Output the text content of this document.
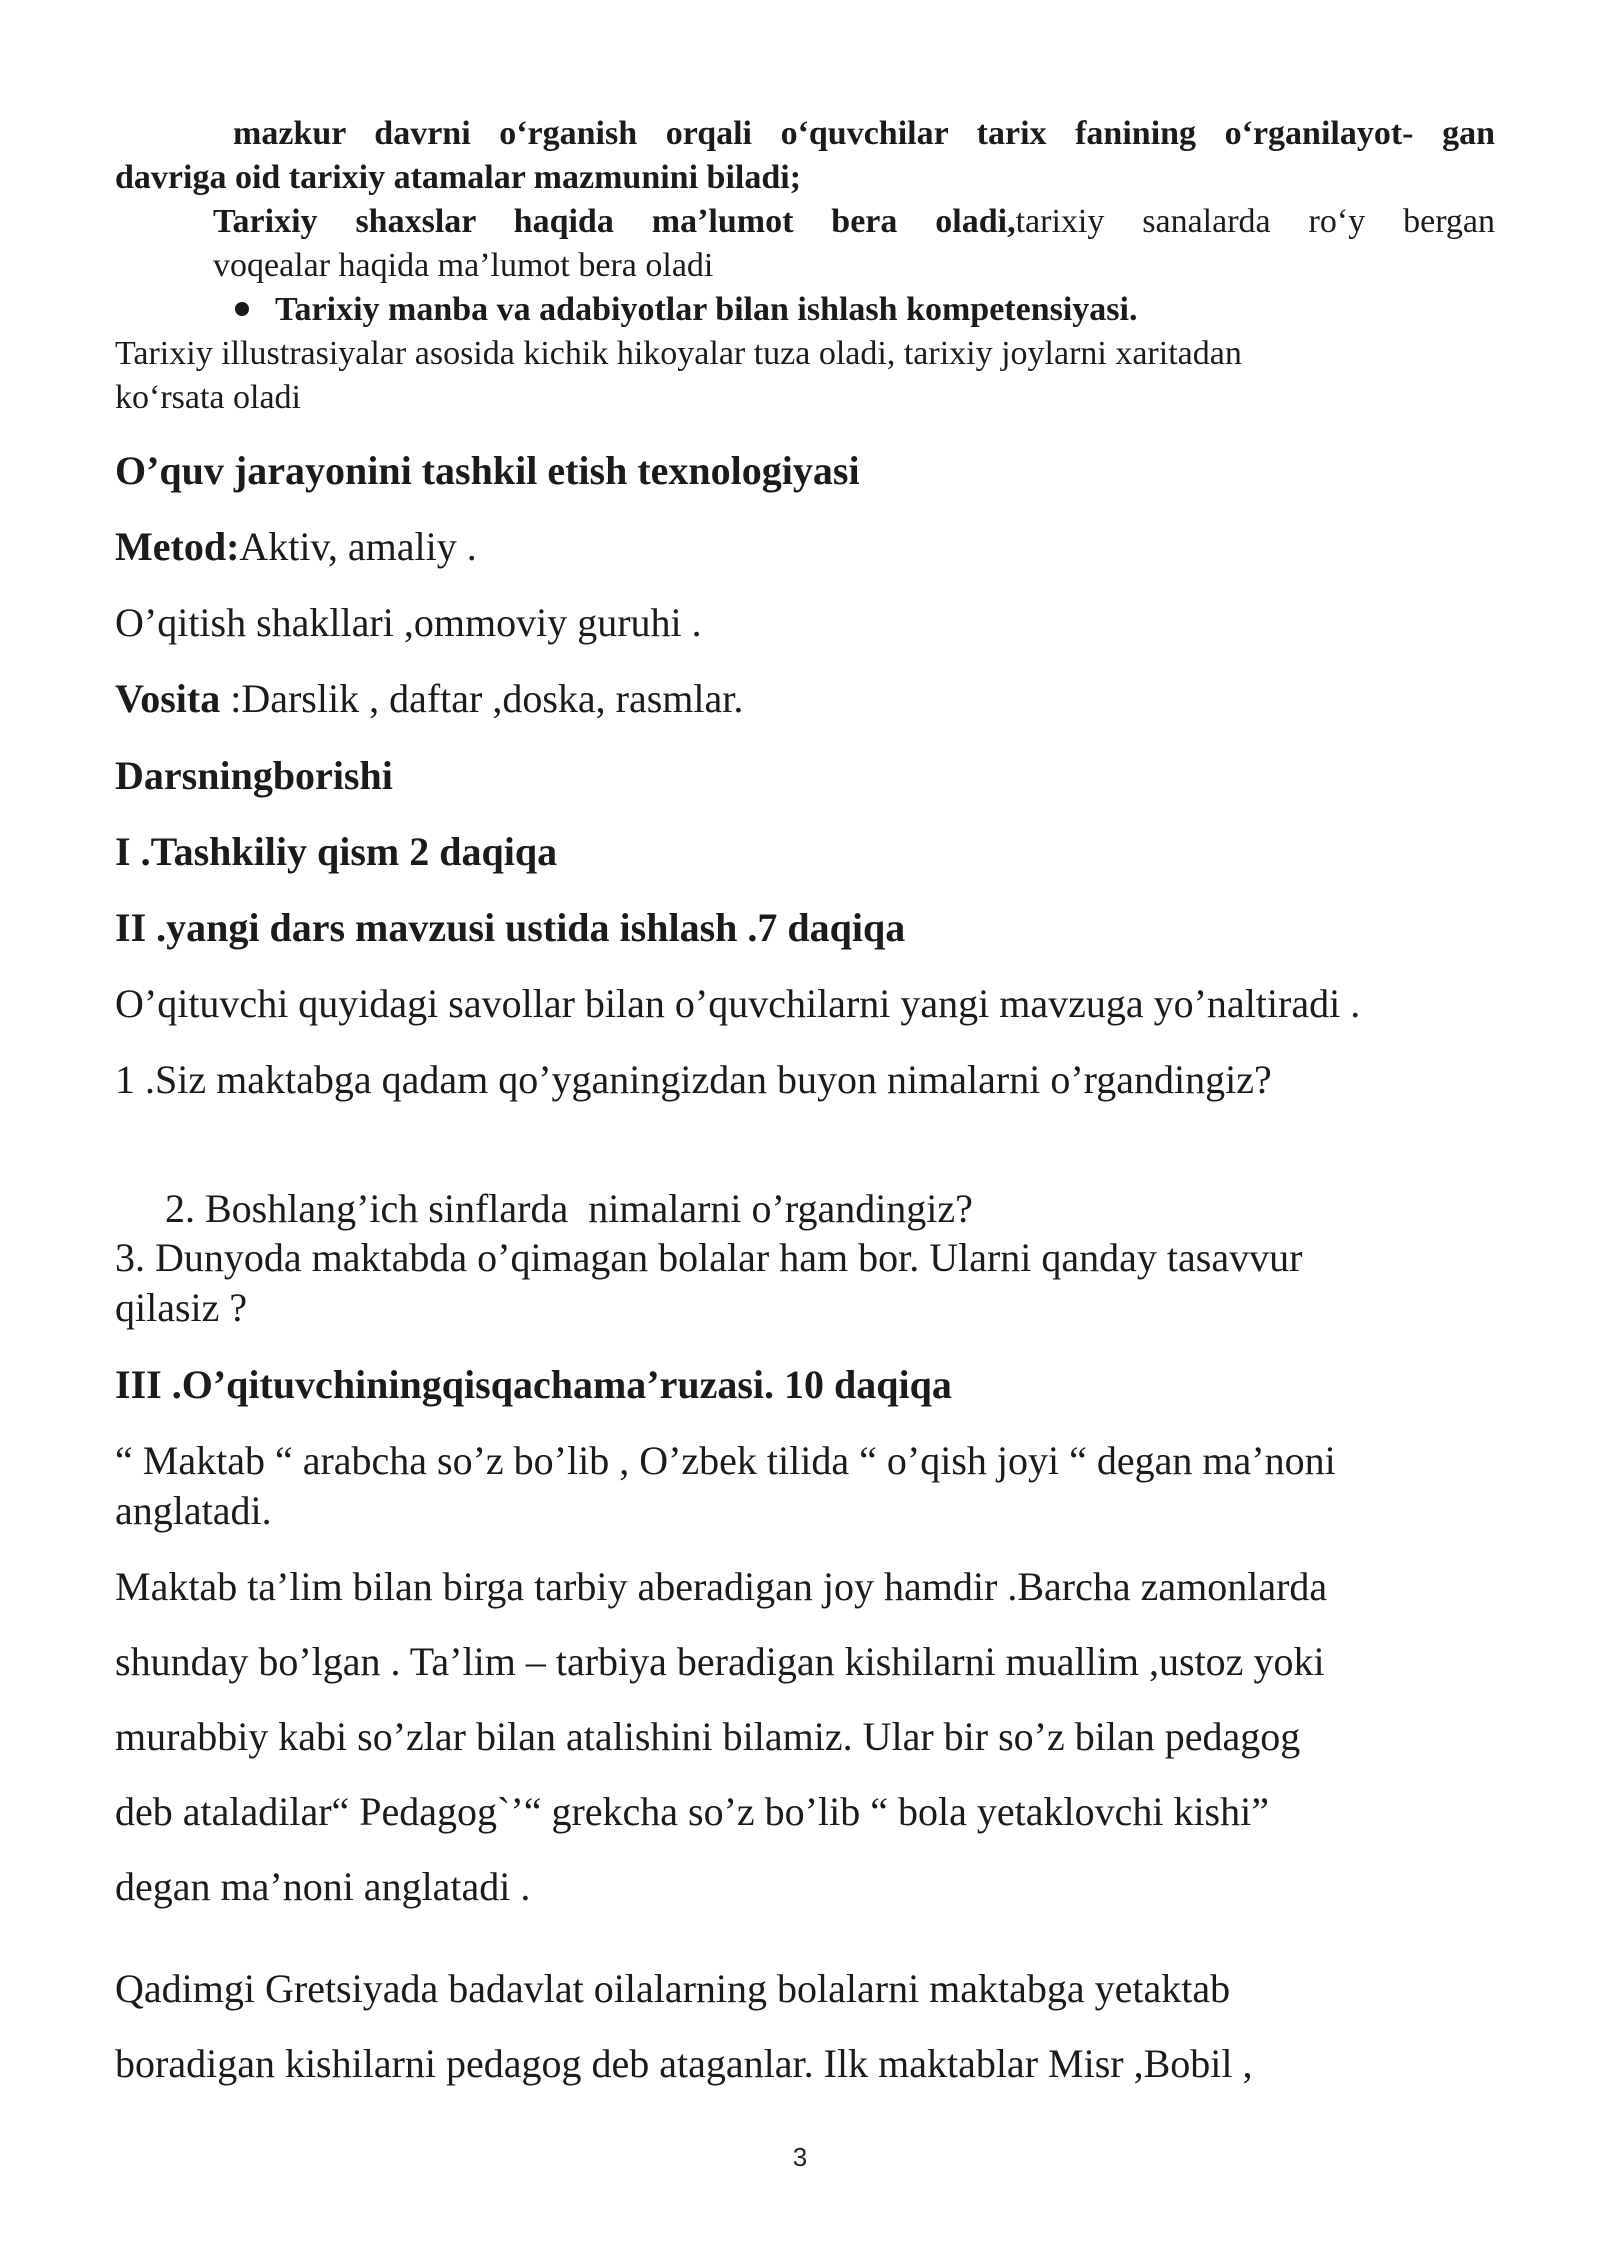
mazkur davrni oʻrganish orqali oʻquvchilar tarix fanining oʻrganilayot- gan
davriga oid tarixiy atamalar mazmunini biladi;
Tarixiy shaxslar haqida maʼlumot bera oladi,tarixiy sanalarda roʻy bergan
voqealar haqida maʼlumot bera oladi
Tarixiy manba va adabiyotlar bilan ishlash kompetensiyasi.
Tarixiy illustrasiyalar asosida kichik hikoyalar tuza oladi, tarixiy joylarni xaritadan
koʻrsata oladi
O’quv jarayonini tashkil etish texnologiyasi
Metod:Aktiv, amaliy .
O’qitish shakllari ,ommoviy guruhi .
Vosita :Darslik , daftar ,doska, rasmlar.
Darsningborishi
I .Tashkiliy qism 2 daqiqa
II .yangi dars mavzusi ustida ishlash .7 daqiqa
O’qituvchi quyidagi savollar bilan o’quvchilarni yangi mavzuga yo’naltiradi .
1 .Siz maktabga qadam qo’yganingizdan buyon nimalarni o’rgandingiz?

2. Boshlang’ich sinflarda  nimalarni o’rgandingiz?

3. Dunyoda maktabda o’qimagan bolalar ham bor. Ularni qanday tasavvur
qilasiz ?
III .O’qituvchiningqisqachama’ruzasi. 10 daqiqa
“ Maktab “ arabcha so’z bo’lib , O’zbek tilida “ o’qish joyi “ degan ma’noni
anglatadi.
Maktab ta’lim bilan birga tarbiy aberadigan joy hamdir .Barcha zamonlarda
shunday bo’lgan . Ta’lim – tarbiya beradigan kishilarni muallim ,ustoz yoki
murabbiy kabi so’zlar bilan atalishini bilamiz. Ular bir so’z bilan pedagog
deb ataladilar“ Pedagog`’“ grekcha so’z bo’lib “ bola yetaklovchi kishi”
degan ma’noni anglatadi .
Qadimgi Gretsiyada badavlat oilalarning bolalarni maktabga yetaktab
boradigan kishilarni pedagog deb ataganlar. Ilk maktablar Misr ,Bobil ,
3
